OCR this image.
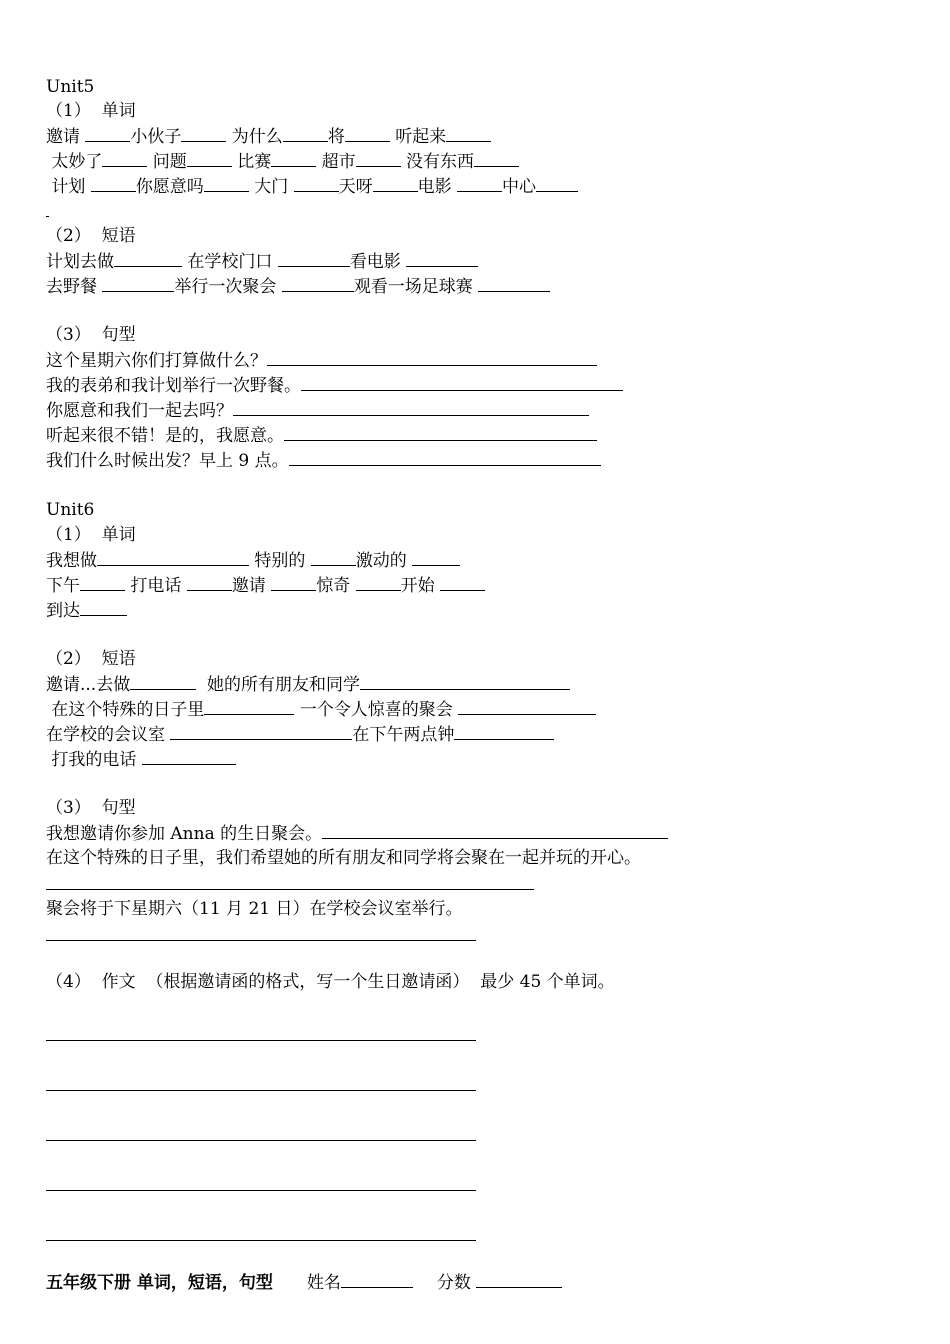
Unit5
（1）  单词
邀请	小伙子	为什么	将	听起来
太妙了	问题	比赛	超市	没有东西
计划	你愿意吗	大门	天呀	电影	中心
（2）  短语
计划去做	在学校门口	看电影
去野餐	举行一次聚会	观看一场足球赛
（3）  句型
这个星期六你们打算做什么？
我的表弟和我计划举行一次野餐。
你愿意和我们一起去吗？
听起来很不错！是的，我愿意。
我们什么时候出发？早上 9 点。
Unit6
（1）  单词
我想做	特别的	激动的
下午	打电话	邀请	惊奇	开始
到达
（2）  短语
邀请...去做	她的所有朋友和同学
在这个特殊的日子里	一个令人惊喜的聚会
在学校的会议室	在下午两点钟
打我的电话
（3）  句型
我想邀请你参加 Anna 的生日聚会。
在这个特殊的日子里，我们希望她的所有朋友和同学将会聚在一起并玩的开心。
聚会将于下星期六（11 月 21 日）在学校会议室举行。
（4）  作文  （根据邀请函的格式，写一个生日邀请函）  最少 45 个单词。
五年级下册 单词，短语，句型 姓名	分数
